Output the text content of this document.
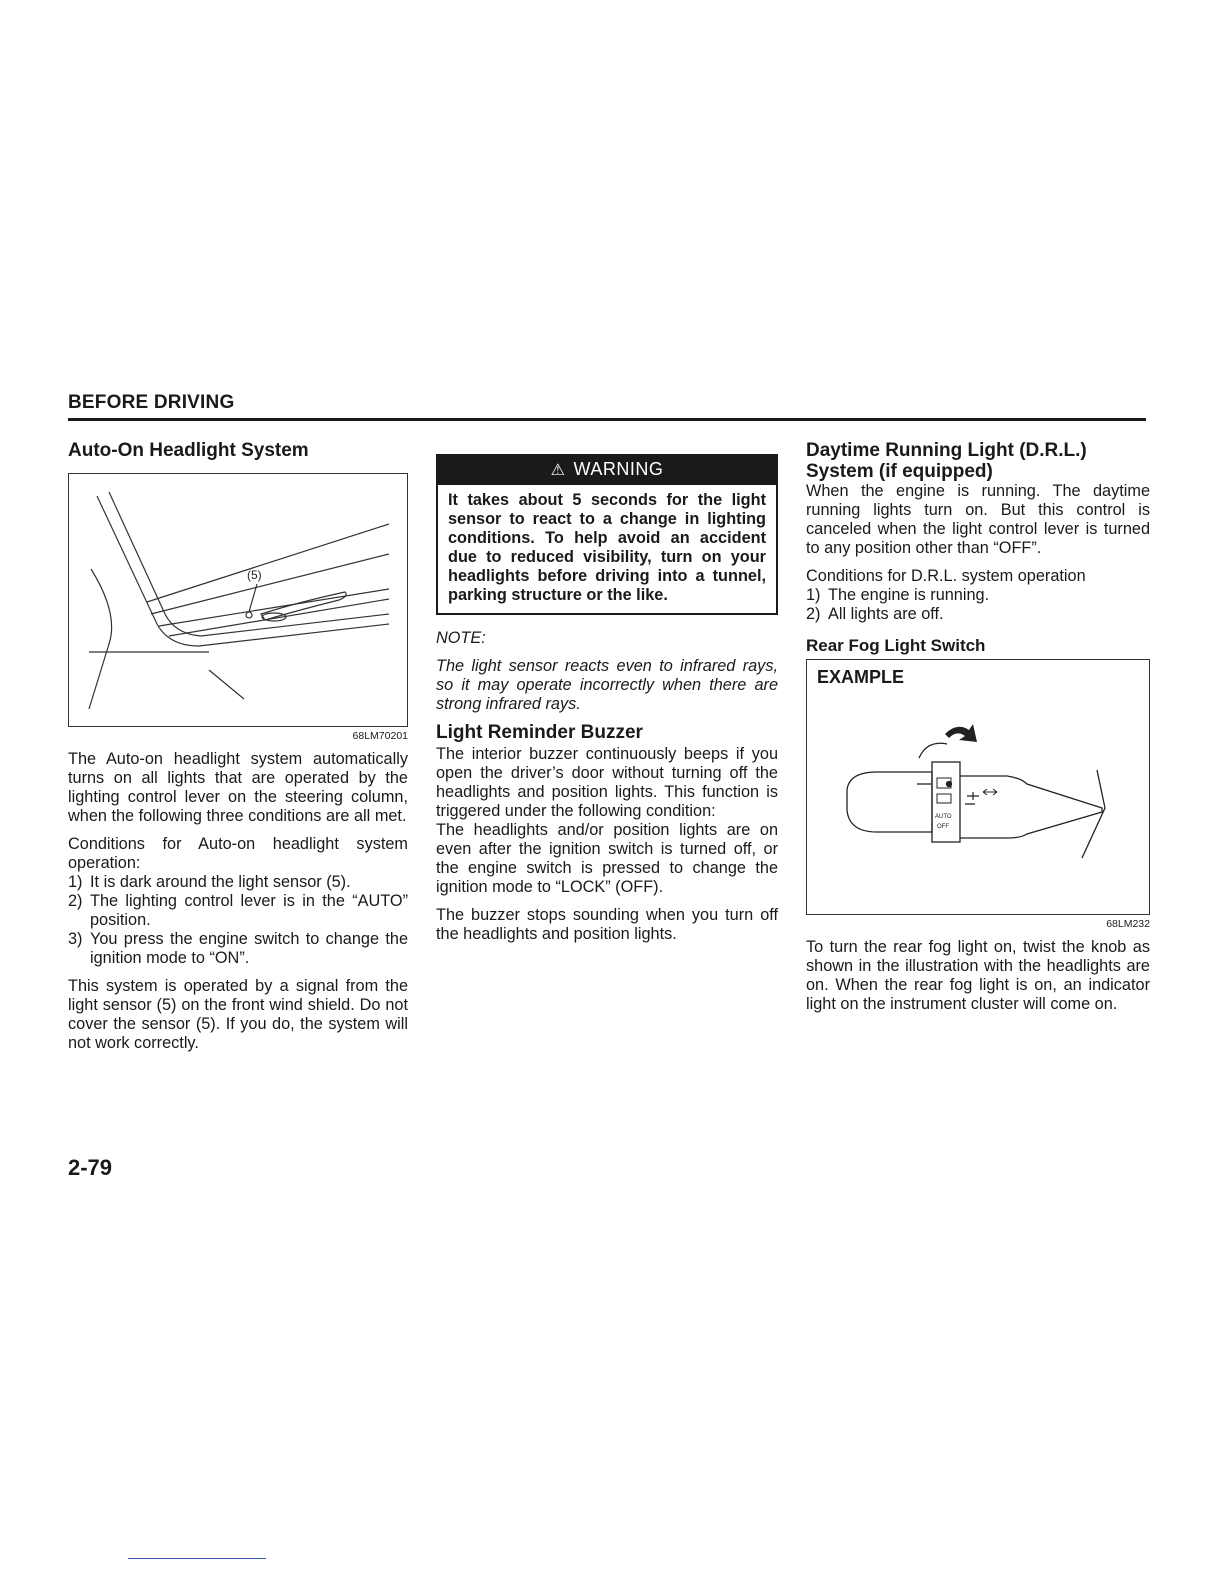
BEFORE DRIVING
Auto-On Headlight System
(5)
68LM70201

The Auto-on headlight system automatically turns on all lights that are operated by the lighting control lever on the steering column, when the following three conditions are all met.

Conditions for Auto-on headlight system operation:

1) It is dark around the light sensor (5).
2) The lighting control lever is in the “AUTO” position.
3) You press the engine switch to change the ignition mode to “ON”.

This system is operated by a signal from the light sensor (5) on the front wind shield. Do not cover the sensor (5). If you do, the system will not work correctly.

⚠ WARNING
It takes about 5 seconds for the light sensor to react to a change in lighting conditions. To help avoid an accident due to reduced visibility, turn on your headlights before driving into a tunnel, parking structure or the like.

NOTE:

The light sensor reacts even to infrared rays, so it may operate incorrectly when there are strong infrared rays.

Light Reminder Buzzer

The interior buzzer continuously beeps if you open the driver’s door without turning off the headlights and position lights. This function is triggered under the following condition:

The headlights and/or position lights are on even after the ignition switch is turned off, or the engine switch is pressed to change the ignition mode to “LOCK” (OFF).

The buzzer stops sounding when you turn off the headlights and position lights.

Daytime Running Light (D.R.L.) System (if equipped)

When the engine is running. The daytime running lights turn on. But this control is canceled when the light control lever is turned to any position other than “OFF”.

Conditions for D.R.L. system operation

1) The engine is running.
2) All lights are off.
Rear Fog Light Switch
EXAMPLE
AUTO
OFF
68LM232

To turn the rear fog light on, twist the knob as shown in the illustration with the headlights are on. When the rear fog light is on, an indicator light on the instrument cluster will come on.

2-79
